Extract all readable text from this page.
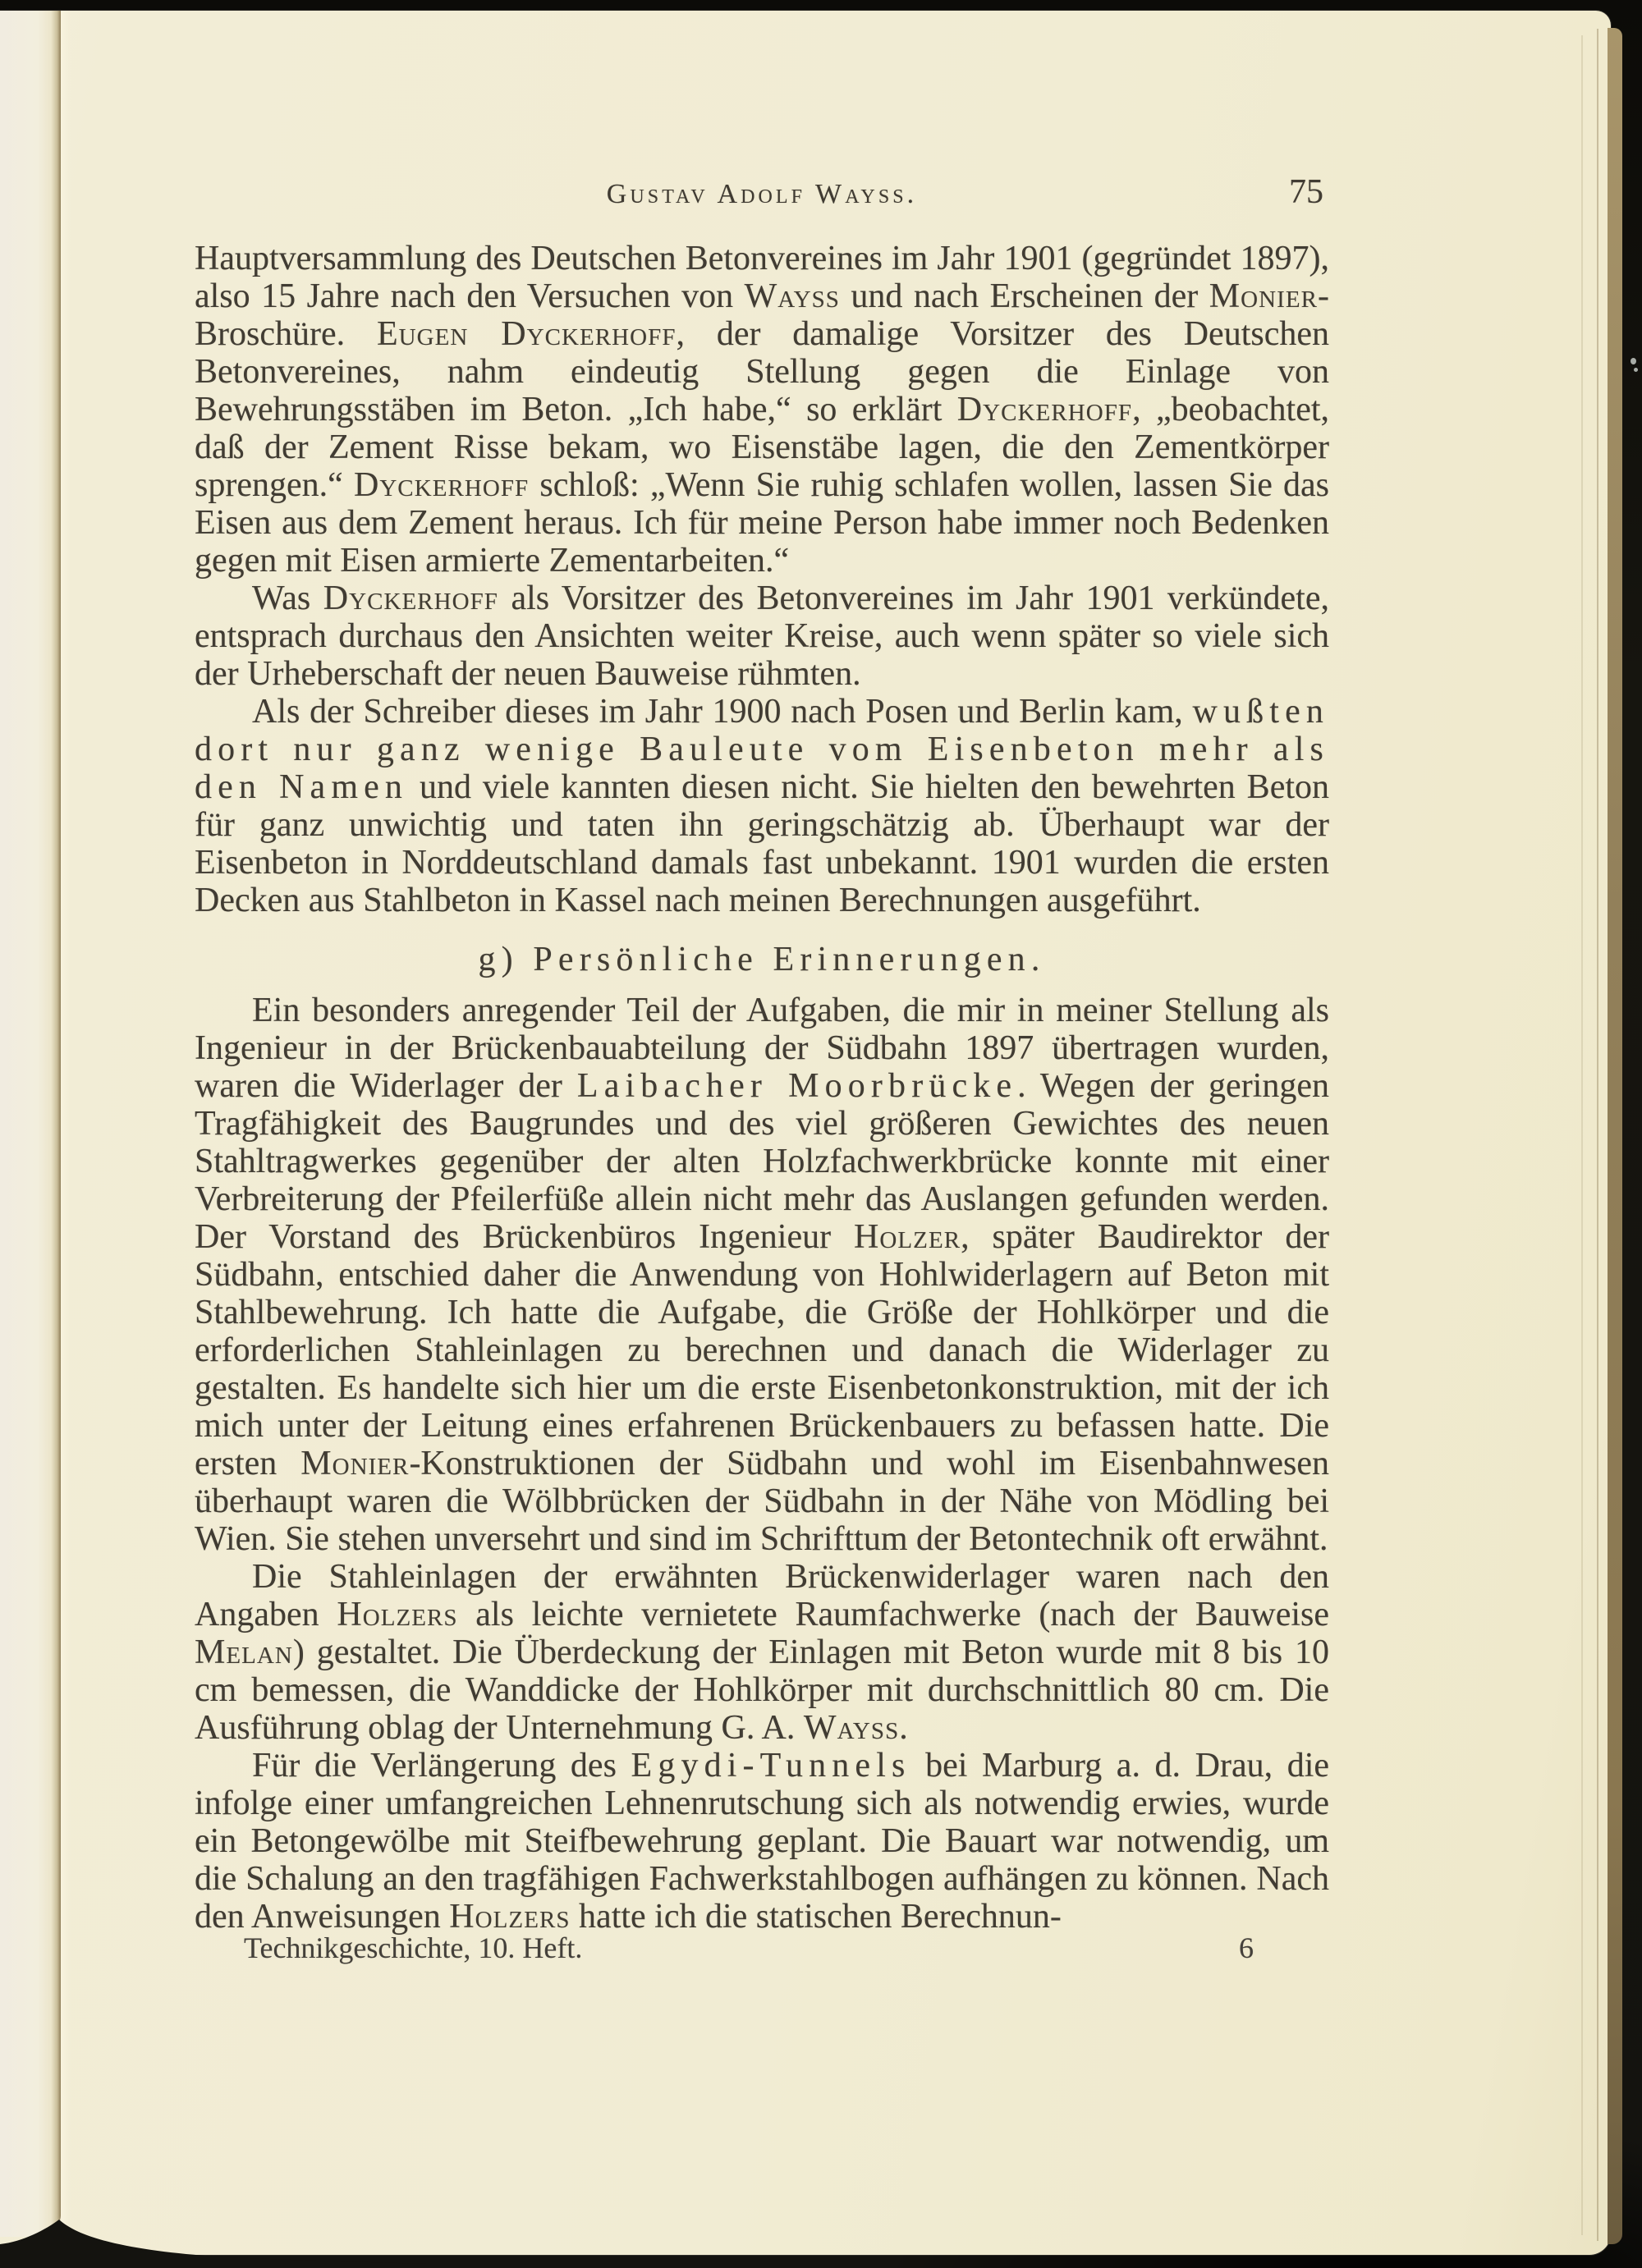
Gustav Adolf Wayss.	75

Hauptversammlung des Deutschen Betonvereines im Jahr 1901 (gegründet 1897), also 15 Jahre nach den Versuchen von Wayss und nach Erscheinen der Monier-Broschüre. Eugen Dyckerhoff, der damalige Vorsitzer des Deutschen Betonvereines, nahm eindeutig Stellung gegen die Einlage von Bewehrungsstäben im Beton. „Ich habe,“ so erklärt Dyckerhoff, „beobachtet, daß der Zement Risse bekam, wo Eisenstäbe lagen, die den Zementkörper sprengen.“ Dyckerhoff schloß: „Wenn Sie ruhig schlafen wollen, lassen Sie das Eisen aus dem Zement heraus. Ich für meine Person habe immer noch Bedenken gegen mit Eisen armierte Zementarbeiten.“

Was Dyckerhoff als Vorsitzer des Betonvereines im Jahr 1901 verkündete, entsprach durchaus den Ansichten weiter Kreise, auch wenn später so viele sich der Urheberschaft der neuen Bauweise rühmten.

Als der Schreiber dieses im Jahr 1900 nach Posen und Berlin kam, wußten dort nur ganz wenige Bauleute vom Eisenbeton mehr als den Namen und viele kannten diesen nicht. Sie hielten den bewehrten Beton für ganz unwichtig und taten ihn geringschätzig ab. Überhaupt war der Eisenbeton in Norddeutschland damals fast unbekannt. 1901 wurden die ersten Decken aus Stahlbeton in Kassel nach meinen Berechnungen ausgeführt.

g) Persönliche Erinnerungen.

Ein besonders anregender Teil der Aufgaben, die mir in meiner Stellung als Ingenieur in der Brückenbauabteilung der Südbahn 1897 übertragen wurden, waren die Widerlager der Laibacher Moorbrücke. Wegen der geringen Tragfähigkeit des Baugrundes und des viel größeren Gewichtes des neuen Stahltragwerkes gegenüber der alten Holzfachwerkbrücke konnte mit einer Verbreiterung der Pfeilerfüße allein nicht mehr das Auslangen gefunden werden. Der Vorstand des Brückenbüros Ingenieur Holzer, später Baudirektor der Südbahn, entschied daher die Anwendung von Hohlwiderlagern auf Beton mit Stahlbewehrung. Ich hatte die Aufgabe, die Größe der Hohlkörper und die erforderlichen Stahleinlagen zu berechnen und danach die Widerlager zu gestalten. Es handelte sich hier um die erste Eisenbetonkonstruktion, mit der ich mich unter der Leitung eines erfahrenen Brückenbauers zu befassen hatte. Die ersten Monier-Konstruktionen der Südbahn und wohl im Eisenbahnwesen überhaupt waren die Wölbbrücken der Südbahn in der Nähe von Mödling bei Wien. Sie stehen unversehrt und sind im Schrifttum der Betontechnik oft erwähnt.

Die Stahleinlagen der erwähnten Brückenwiderlager waren nach den Angaben Holzers als leichte vernietete Raumfachwerke (nach der Bauweise Melan) gestaltet. Die Überdeckung der Einlagen mit Beton wurde mit 8 bis 10 cm bemessen, die Wanddicke der Hohlkörper mit durchschnittlich 80 cm. Die Ausführung oblag der Unternehmung G. A. Wayss.

Für die Verlängerung des Egydi-Tunnels bei Marburg a. d. Drau, die infolge einer umfangreichen Lehnenrutschung sich als notwendig erwies, wurde ein Betongewölbe mit Steifbewehrung geplant. Die Bauart war notwendig, um die Schalung an den tragfähigen Fachwerkstahlbogen aufhängen zu können. Nach den Anweisungen Holzers hatte ich die statischen Berechnun-

Technikgeschichte, 10. Heft.	6
